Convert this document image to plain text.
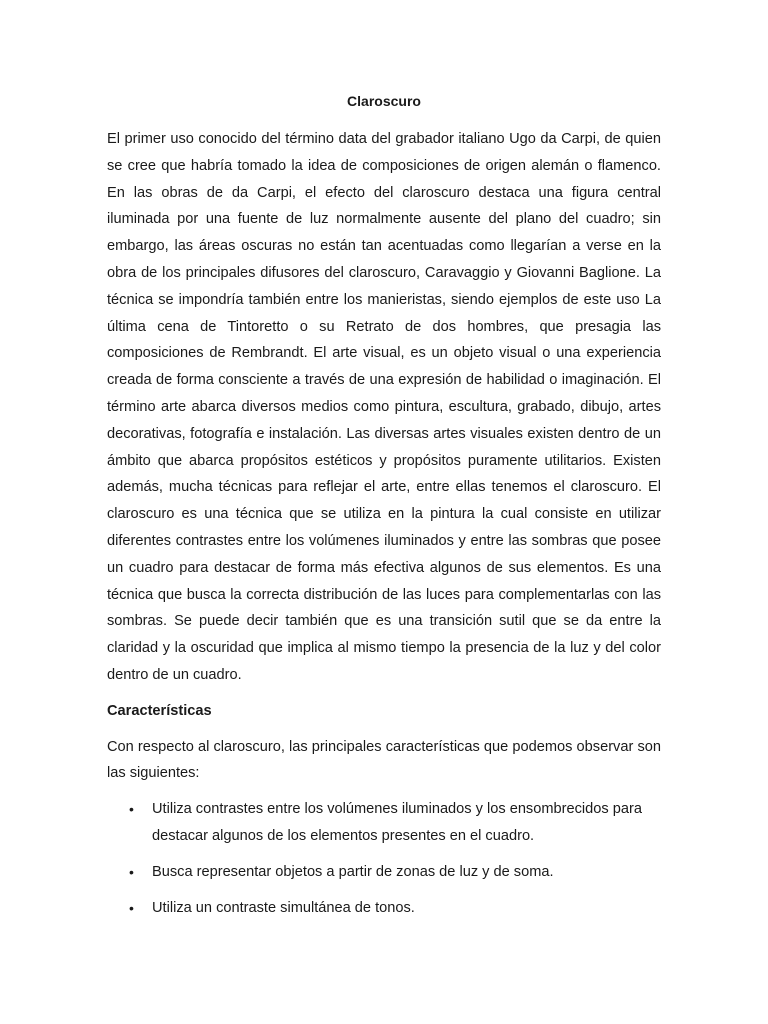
Claroscuro

El primer uso conocido del término data del grabador italiano Ugo da Carpi, de quien se cree que habría tomado la idea de composiciones de origen alemán o flamenco. En las obras de da Carpi, el efecto del claroscuro destaca una figura central iluminada por una fuente de luz normalmente ausente del plano del cuadro; sin embargo, las áreas oscuras no están tan acentuadas como llegarían a verse en la obra de los principales difusores del claroscuro, Caravaggio y Giovanni Baglione. La técnica se impondría también entre los manieristas, siendo ejemplos de este uso La última cena de Tintoretto o su Retrato de dos hombres, que presagia las composiciones de Rembrandt. El arte visual, es un objeto visual o una experiencia creada de forma consciente a través de una expresión de habilidad o imaginación. El término arte abarca diversos medios como pintura, escultura, grabado, dibujo, artes decorativas, fotografía e instalación. Las diversas artes visuales existen dentro de un ámbito que abarca propósitos estéticos y propósitos puramente utilitarios. Existen además, mucha técnicas para reflejar el arte, entre ellas tenemos el claroscuro. El claroscuro es una técnica que se utiliza en la pintura la cual consiste en utilizar diferentes contrastes entre los volúmenes iluminados y entre las sombras que posee un cuadro para destacar de forma más efectiva algunos de sus elementos. Es una técnica que busca la correcta distribución de las luces para complementarlas con las sombras. Se puede decir también que es una transición sutil que se da entre la claridad y la oscuridad que implica al mismo tiempo la presencia de la luz y del color dentro de un cuadro.

Características

Con respecto al claroscuro, las principales características que podemos observar son las siguientes:

• Utiliza contrastes entre los volúmenes iluminados y los ensombrecidos para destacar algunos de los elementos presentes en el cuadro.
• Busca representar objetos a partir de zonas de luz y de soma.
• Utiliza un contraste simultánea de tonos.
